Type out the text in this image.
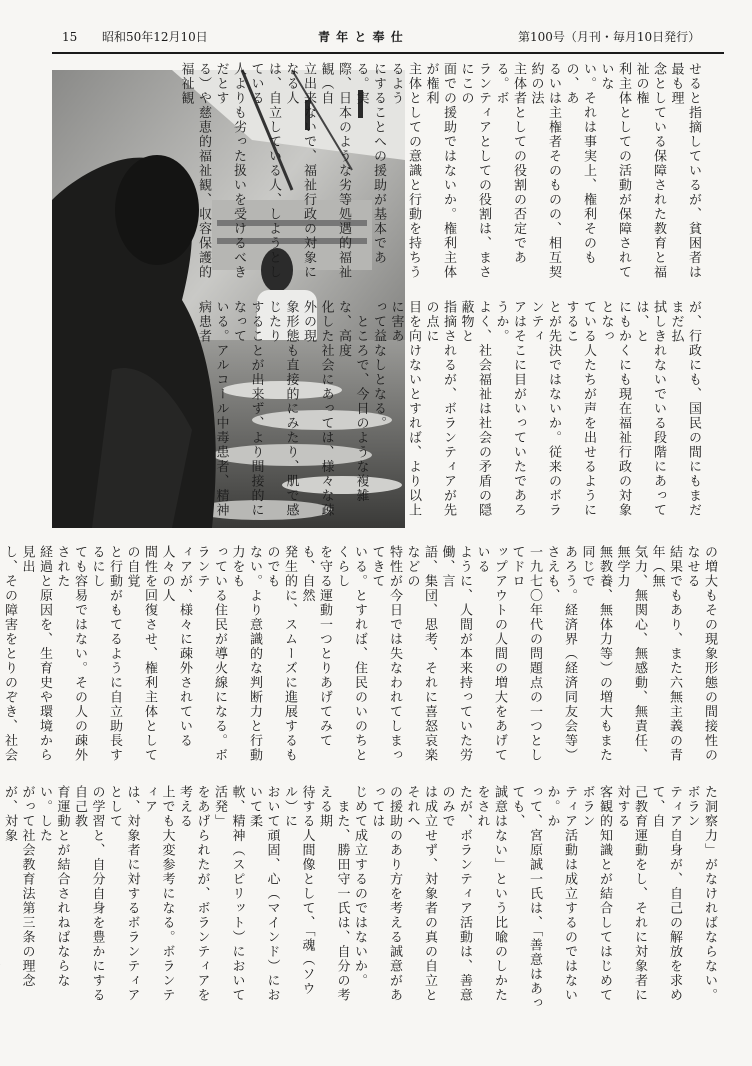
15 昭和50年12月10日	青 年 と 奉 仕	第100号（月刊・毎月10日発行）
せると指摘しているが、貧困者は最も理
念としている保障された教育と福祉の権
利主体としての活動が保障されていな
い。それは事実上、権利そのもの、あ
るいは主権者そのものの、相互契約の法
主体者としての役割の否定である。ボ
ランティアとしての役割は、まさにこの
面での援助ではないか。権利主体が権利
主体としての意識と行動を持ちうるよう
にすることへの援助が基本である。実
際、日本のような劣等処遇的福祉観（自
立出来ないで、福祉行政の対象になる人
は、自立している人、しようとしている
人よりも劣った扱いを受けるべきだとす
る）や慈恵的福祉観、収容保護的福祉観
が、行政にも、国民の間にもまだまだ払
拭しきれないでいる段階にあっては、と
にもかくにも現在福祉行政の対象となっ
ている人たちが声を出せるようにするこ
とが先決ではないか。従来のボランティ
アはそこに目がいっていたであろうか。
よく、社会福祉は社会の矛盾の隠蔽物と
指摘されるが、ボランティアが先の点に
目を向けないとすれば、より以上に害あ
って益なしとなる。
　ところで、今日のような複雑な、高度
化した社会にあっては、様々な疎外の現
象形態も直接的にみたり、肌で感じたり
することが出来ず、より間接的になって
いる。アルコール中毒患者、精神病患者
の増大もその現象形態の間接性のなせる
結果でもあり、また六無主義の青年（無
気力、無関心、無感動、無責任、無学力
無教養、無体力等）の増大もまた同じで
あろう。経済界（経済同友会等）さえも、
一九七〇年代の問題点の一つとしてドロ
ップアウトの人間の増大をあげている
ように、人間が本来持っていた労働、言
語、集団、思考、それに喜怒哀楽などの
特性が今日では失なわれてしまってきて
いる。とすれば、住民のいのちとくらし
を守る運動一つとりあげてみても、自然
発生的に、スムーズに進展するものでも
ない。より意識的な判断力と行動力をも
っている住民が導火線になる。ボランテ
ィアが、様々に疎外されている人々の人
間性を回復させ、権利主体としての自覚
と行動がもてるように自立助長するにし
ても容易ではない。その人の疎外された
経過と原因を、生育史や環境から見出
し、その障害をとりのぞき、社会

た洞察力」がなければならない。ボラン
ティア自身が、自己の解放を求めて、自
己教育運動をし、それに対象者に対する
客観的知識とが結合してはじめてボラン
ティア活動は成立するのではないか。か
って、宮原誠一氏は、「善意はあっても、
誠意はない」という比喩のしかたをされ
たが、ボランティア活動は、善意のみで
は成立せず、対象者の真の自立とそれへ
の援助のあり方を考える誠意があっては
じめて成立するのではないか。
　また、勝田守一氏は、自分の考える期
待する人間像として、「魂（ソウル）に
おいて頑固、心（マインド）において柔
軟、精神（スピリット）において活発」
をあげられたが、ボランティアを考える
上でも大変参考になる。ボランティア
は、対象者に対するボランティアとして
の学習と、自分自身を豊かにする自己教
育運動とが結合されねばならない。した
がって社会教育法第三条の理念が、対象
